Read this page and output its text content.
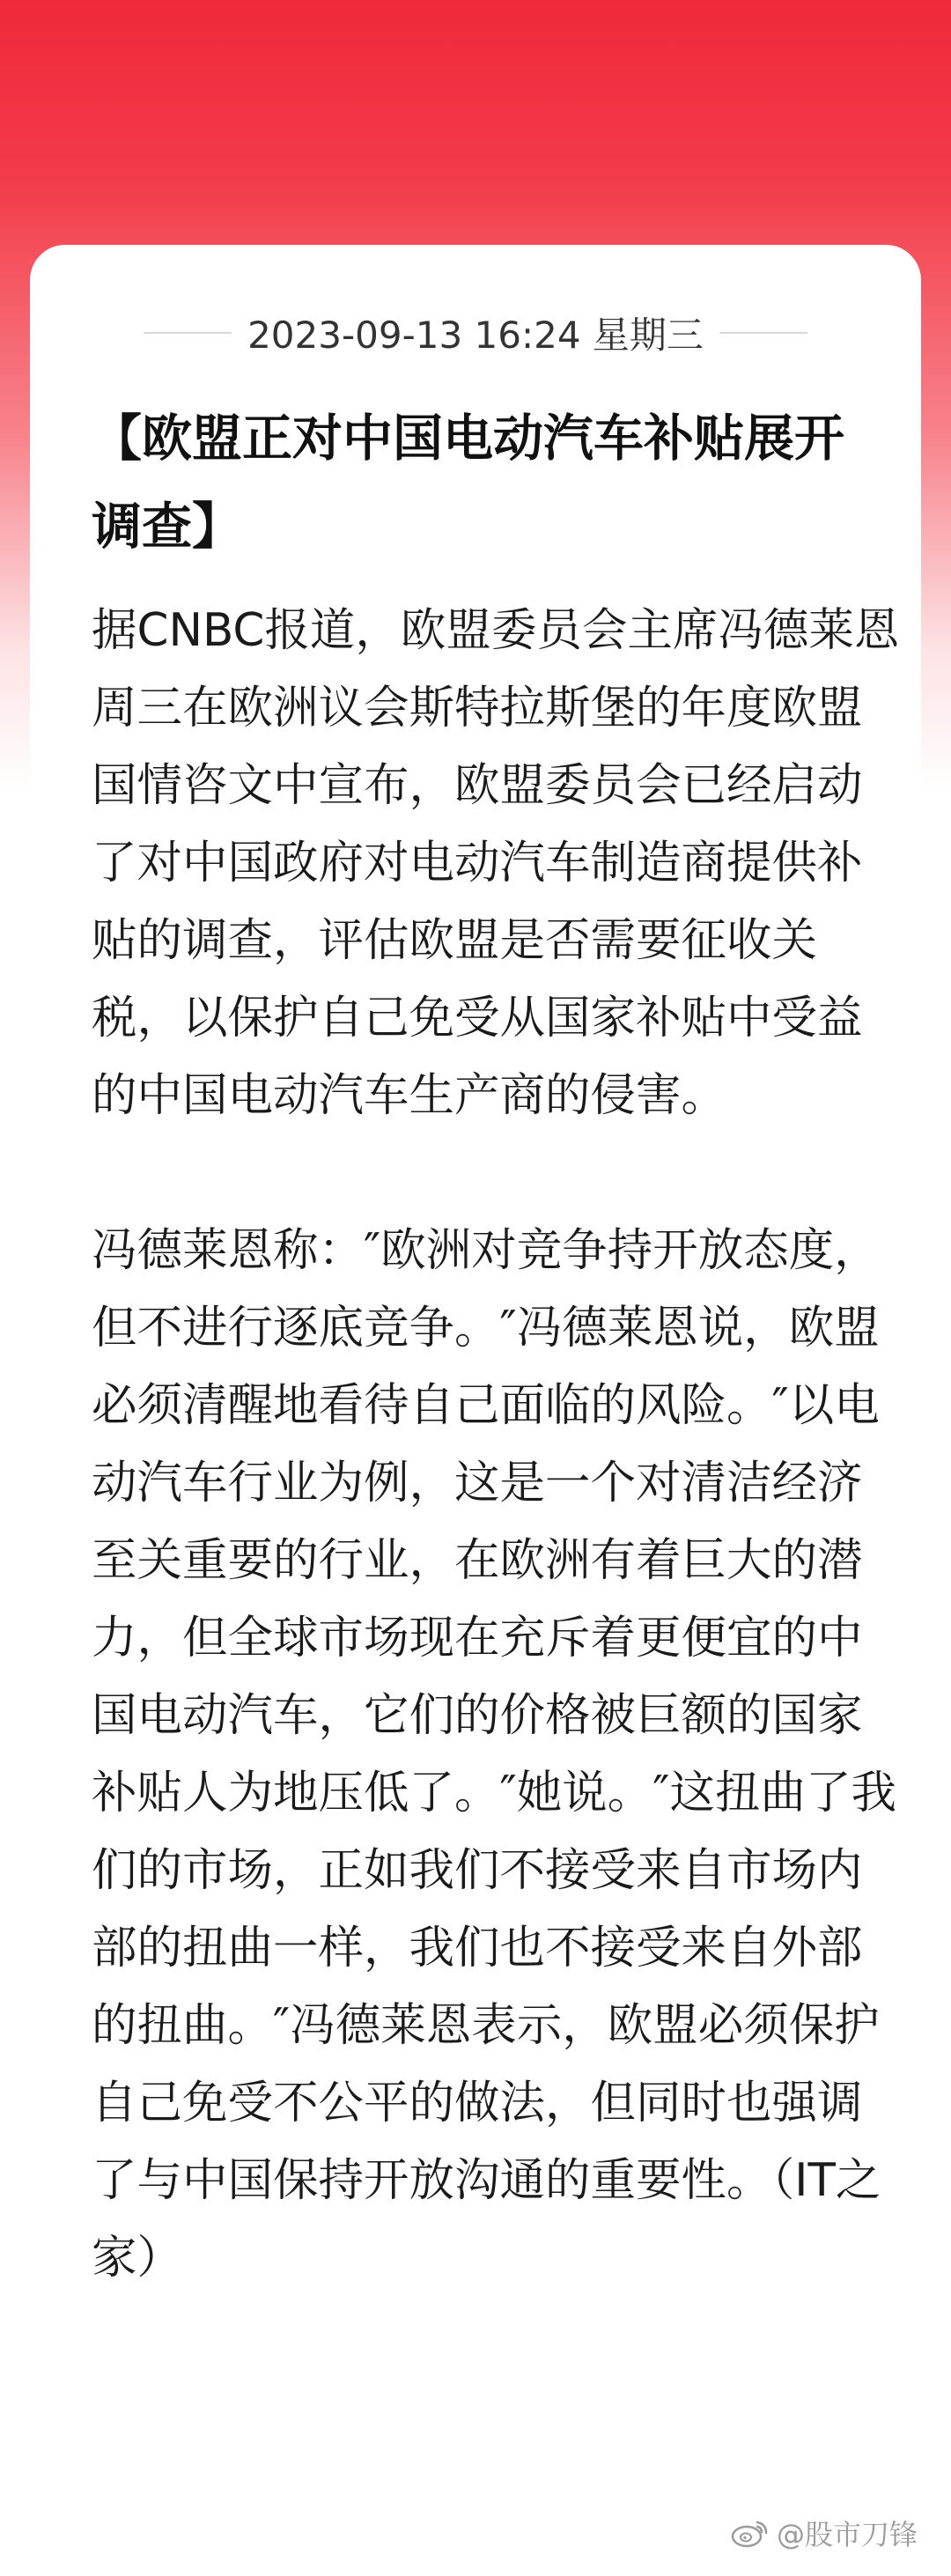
2023-09-13 16:24 星期三
【欧盟正对中国电动汽车补贴展开调查】

据CNBC报道，欧盟委员会主席冯德莱恩周三在欧洲议会斯特拉斯堡的年度欧盟国情咨文中宣布，欧盟委员会已经启动了对中国政府对电动汽车制造商提供补贴的调查，评估欧盟是否需要征收关税，以保护自己免受从国家补贴中受益的中国电动汽车生产商的侵害。

冯德莱恩称：″欧洲对竞争持开放态度，但不进行逐底竞争。″冯德莱恩说，欧盟必须清醒地看待自己面临的风险。″以电动汽车行业为例，这是一个对清洁经济至关重要的行业，在欧洲有着巨大的潜力，但全球市场现在充斥着更便宜的中国电动汽车，它们的价格被巨额的国家补贴人为地压低了。″她说。″这扭曲了我们的市场，正如我们不接受来自市场内部的扭曲一样，我们也不接受来自外部的扭曲。″冯德莱恩表示，欧盟必须保护自己免受不公平的做法，但同时也强调了与中国保持开放沟通的重要性。（IT之家）

@股市刀锋
